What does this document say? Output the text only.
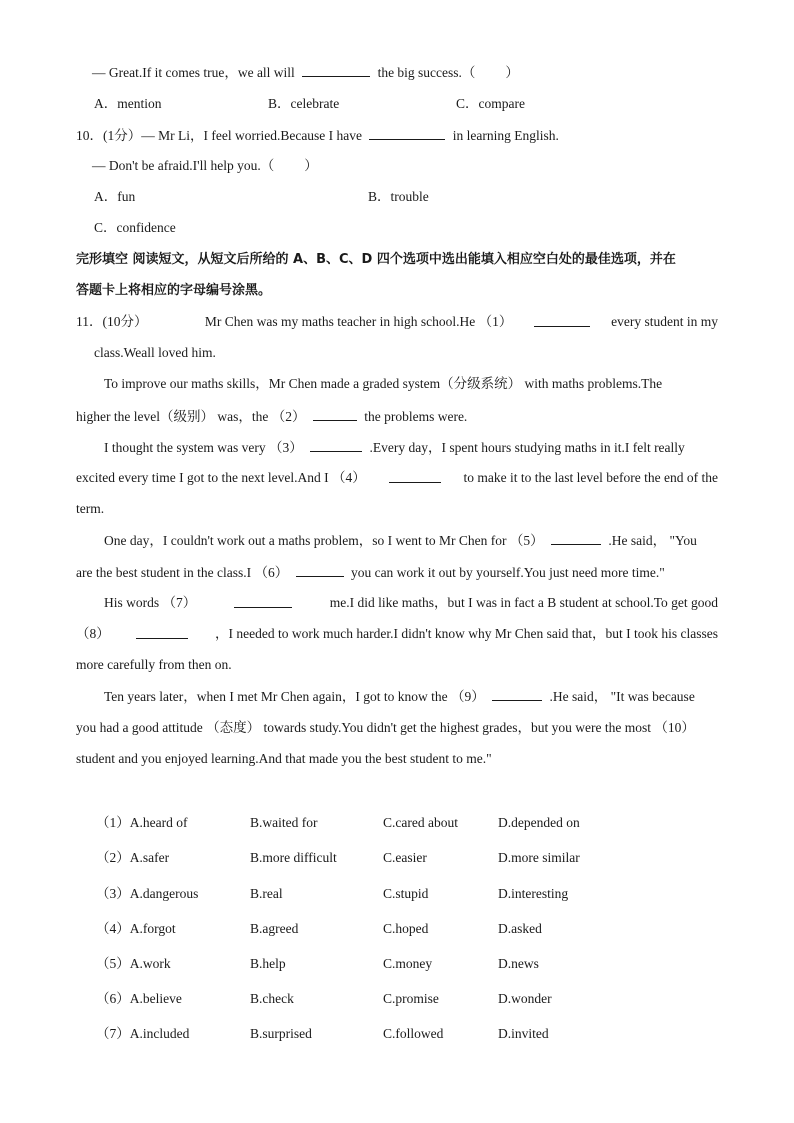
— Great.If it comes true，we all will	the big success.（ ）
A．mention	B．celebrate	C．compare
10．(1分）— Mr Li，I feel worried.Because I have	in learning English.
— Don't be afraid.I'll help you.（ ）
A．fun	B．trouble
C．confidence
完形填空 阅读短文，从短文后所给的 A、B、C、D 四个选项中选出能填入相应空白处的最佳选项，并在
答题卡上将相应的字母编号涂黑。
11．(10分）	Mr Chen was my maths teacher in high school.He （1）	every student in my
class.Weall loved him.
To improve our maths skills，Mr Chen made a graded system（分级系统） with maths problems.The
higher the level（级别） was，the （2）	the problems were.
I thought the system was very （3）	.Every day，I spent hours studying maths in it.I felt really
excited every time I got to the next level.And I （4）	to make it to the last level before the end of the
term.
One day，I couldn't work out a maths problem，so I went to Mr Chen for （5）	.He said， "You
are the best student in the class.I （6）	you can work it out by yourself.You just need more time."
His words （7）	me.I did like maths，but I was in fact a B student at school.To get good
（8）	，I needed to work much harder.I didn't know why Mr Chen said that，but I took his classes
more carefully from then on.
Ten years later，when I met Mr Chen again，I got to know the （9）	.He said， "It was because
you had a good attitude （态度） towards study.You didn't get the highest grades，but you were the most （10）
student and you enjoyed learning.And that made you the best student to me."
（1）A.heard of	B.waited for	C.cared about	D.depended on
（2）A.safer	B.more difficult	C.easier	D.more similar
（3）A.dangerous	B.real	C.stupid	D.interesting
（4）A.forgot	B.agreed	C.hoped	D.asked
（5）A.work	B.help	C.money	D.news
（6）A.believe	B.check	C.promise	D.wonder
（7）A.included	B.surprised	C.followed	D.invited
